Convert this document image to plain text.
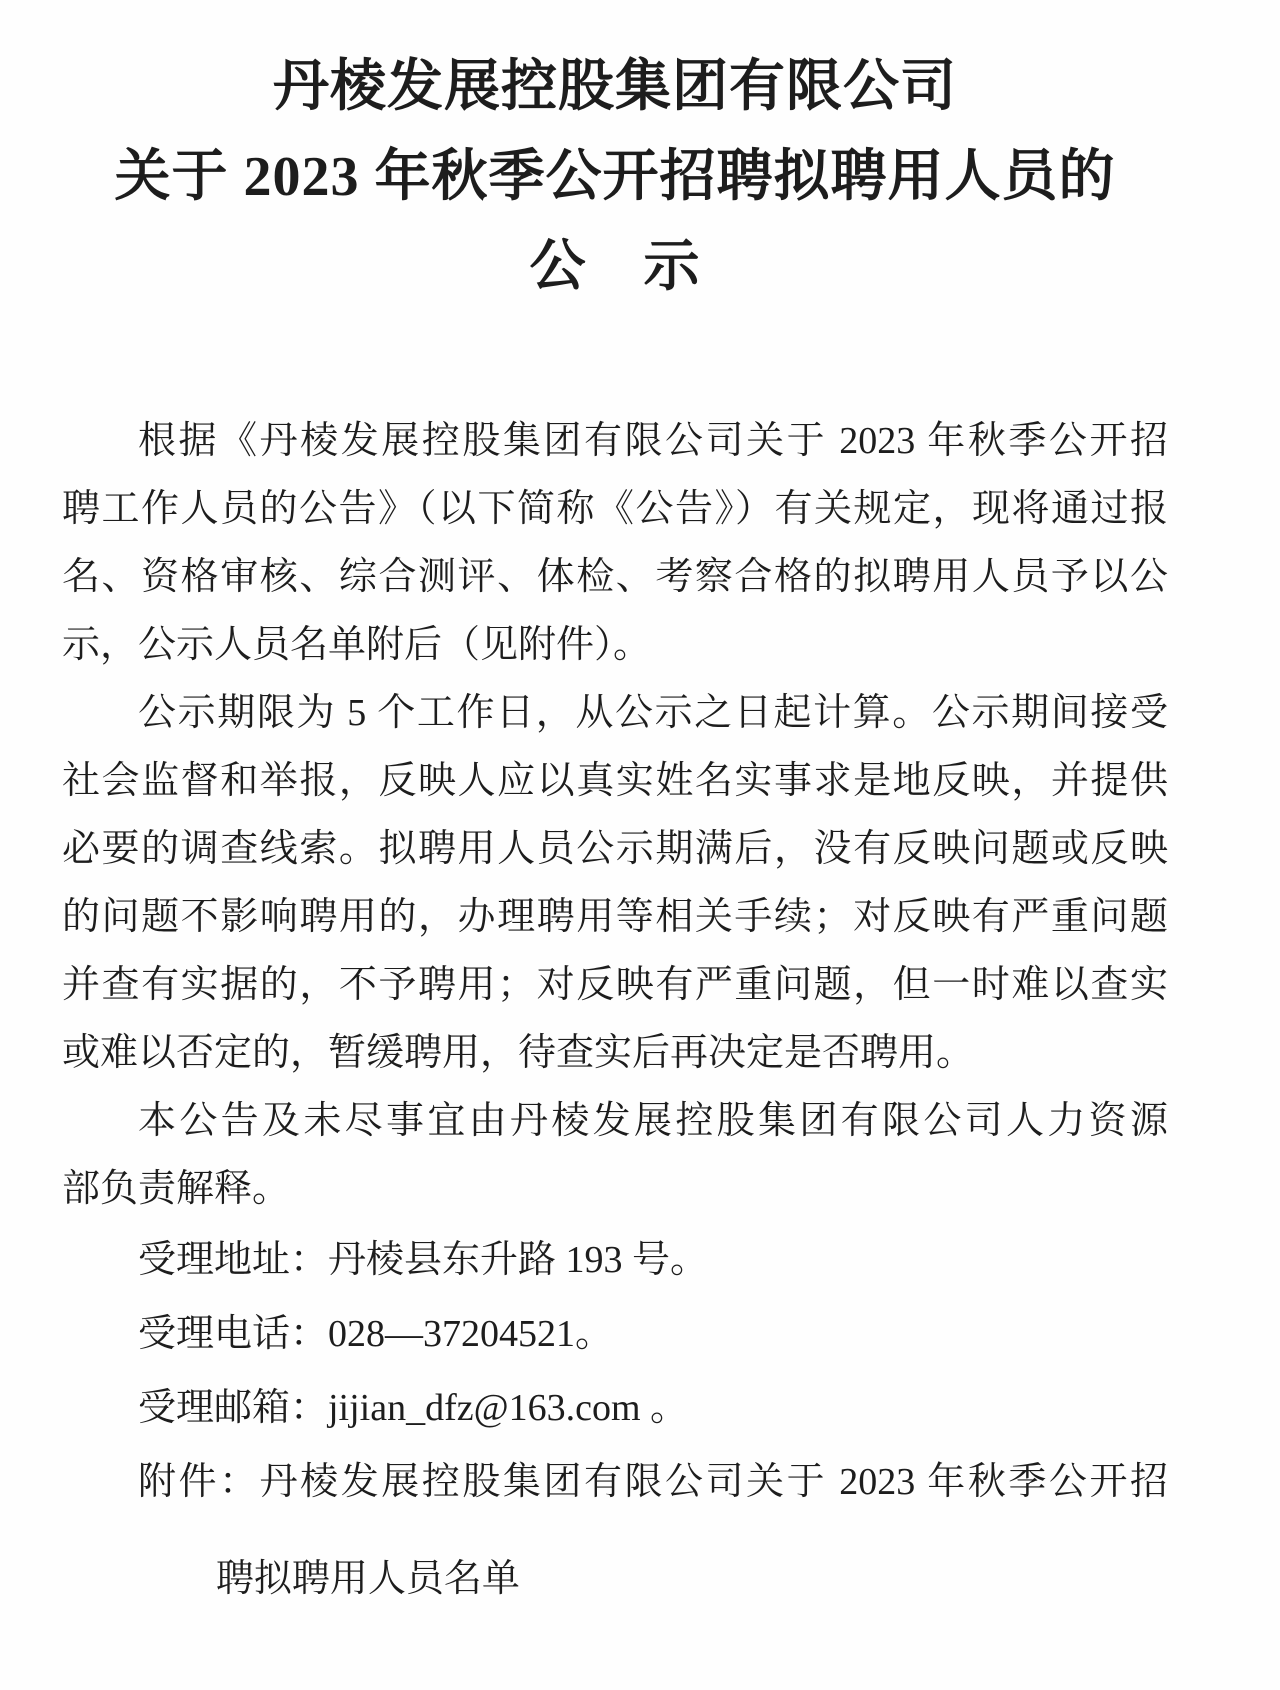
丹棱发展控股集团有限公司
关于 2023 年秋季公开招聘拟聘用人员的
公　示
根据《丹棱发展控股集团有限公司关于 2023 年秋季公开招
聘工作人员的公告》（以下简称《公告》）有关规定，现将通过报
名、资格审核、综合测评、体检、考察合格的拟聘用人员予以公
示，公示人员名单附后（见附件）。
公示期限为 5 个工作日，从公示之日起计算。公示期间接受
社会监督和举报，反映人应以真实姓名实事求是地反映，并提供
必要的调查线索。拟聘用人员公示期满后，没有反映问题或反映
的问题不影响聘用的，办理聘用等相关手续；对反映有严重问题
并查有实据的，不予聘用；对反映有严重问题，但一时难以查实
或难以否定的，暂缓聘用，待查实后再决定是否聘用。
本公告及未尽事宜由丹棱发展控股集团有限公司人力资源
部负责解释。
受理地址：丹棱县东升路 193 号。
受理电话：028—37204521。
受理邮箱：jijian_dfz@163.com 。
附件：丹棱发展控股集团有限公司关于 2023 年秋季公开招
聘拟聘用人员名单
